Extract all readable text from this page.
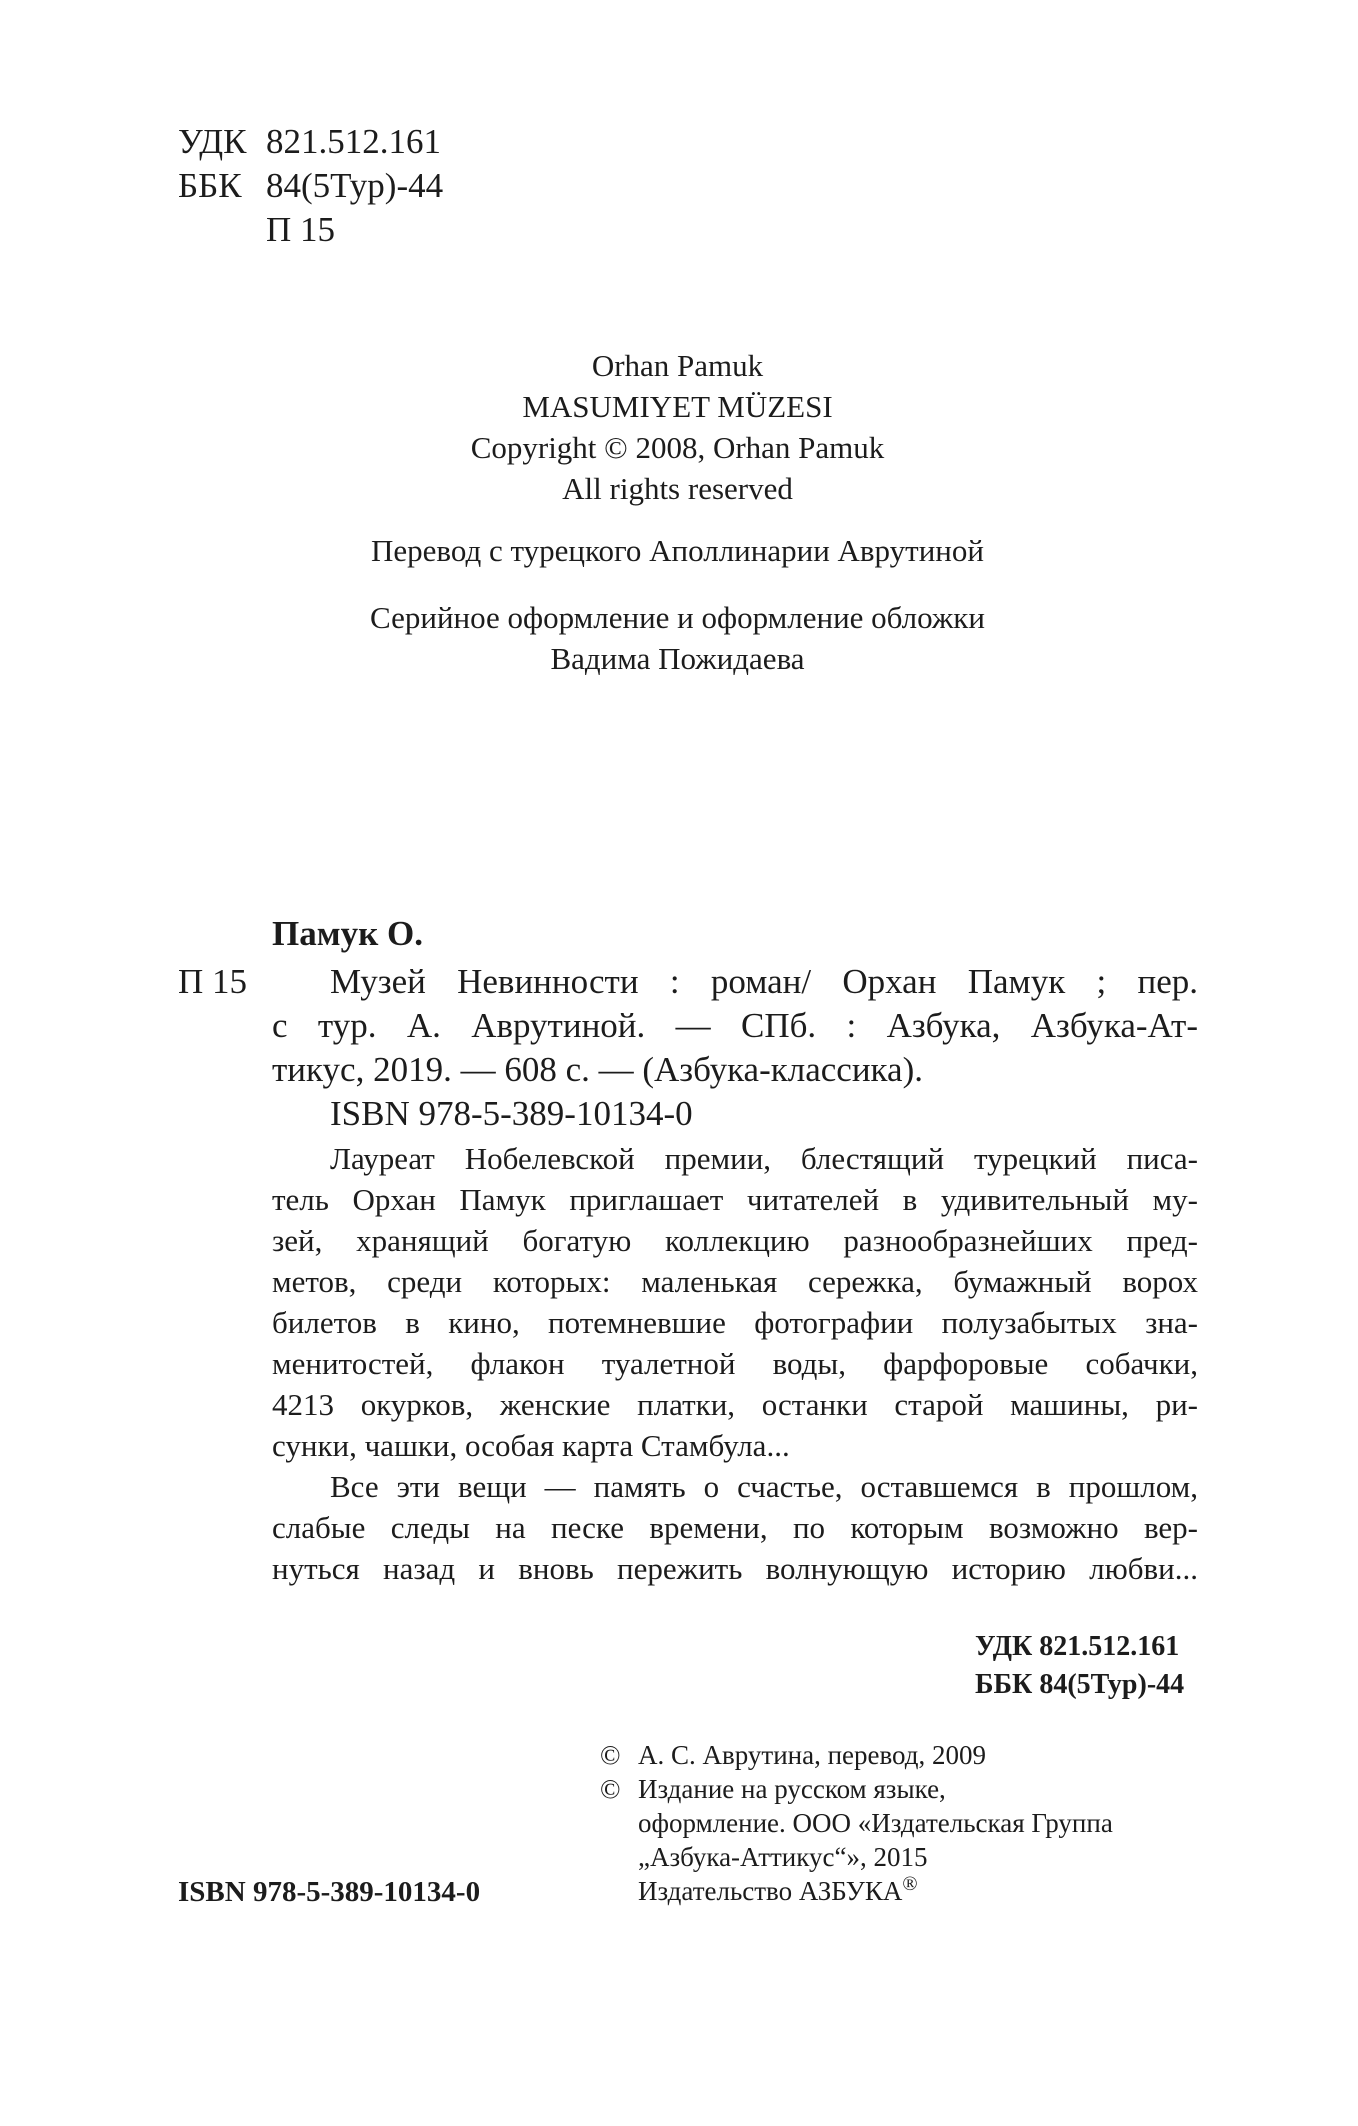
УДК 821.512.161
ББК 84(5Тур)-44
П 15
Orhan Pamuk
MASUMIYET MÜZESI
Copyright © 2008, Orhan Pamuk
All rights reserved
Перевод с турецкого Аполлинарии Аврутиной
Серийное оформление и оформление обложки
Вадима Пожидаева
Памук О.
П 15	Музей Невинности : роман/ Орхан Памук ; пер.
с тур. А. Аврутиной. — СПб. : Азбука, Азбука-Ат-
тикус, 2019. — 608 с. — (Азбука-классика).
ISBN 978-5-389-10134-0
Лауреат Нобелевской премии, блестящий турецкий писа-
тель Орхан Памук приглашает читателей в удивительный му-
зей, хранящий богатую коллекцию разнообразнейших пред-
метов, среди которых: маленькая сережка, бумажный ворох
билетов в кино, потемневшие фотографии полузабытых зна-
менитостей, флакон туалетной воды, фарфоровые собачки,
4213 окурков, женские платки, останки старой машины, ри-
сунки, чашки, особая карта Стамбула...
Все эти вещи — память о счастье, оставшемся в прошлом,
слабые следы на песке времени, по которым возможно вер-
нуться назад и вновь пережить волнующую историю любви...
УДК 821.512.161
ББК 84(5Тур)-44
© А. С. Аврутина, перевод, 2009
© Издание на русском языке,
оформление. ООО «Издательская Группа
„Азбука-Аттикус“», 2015
Издательство АЗБУКА®
ISBN 978-5-389-10134-0
